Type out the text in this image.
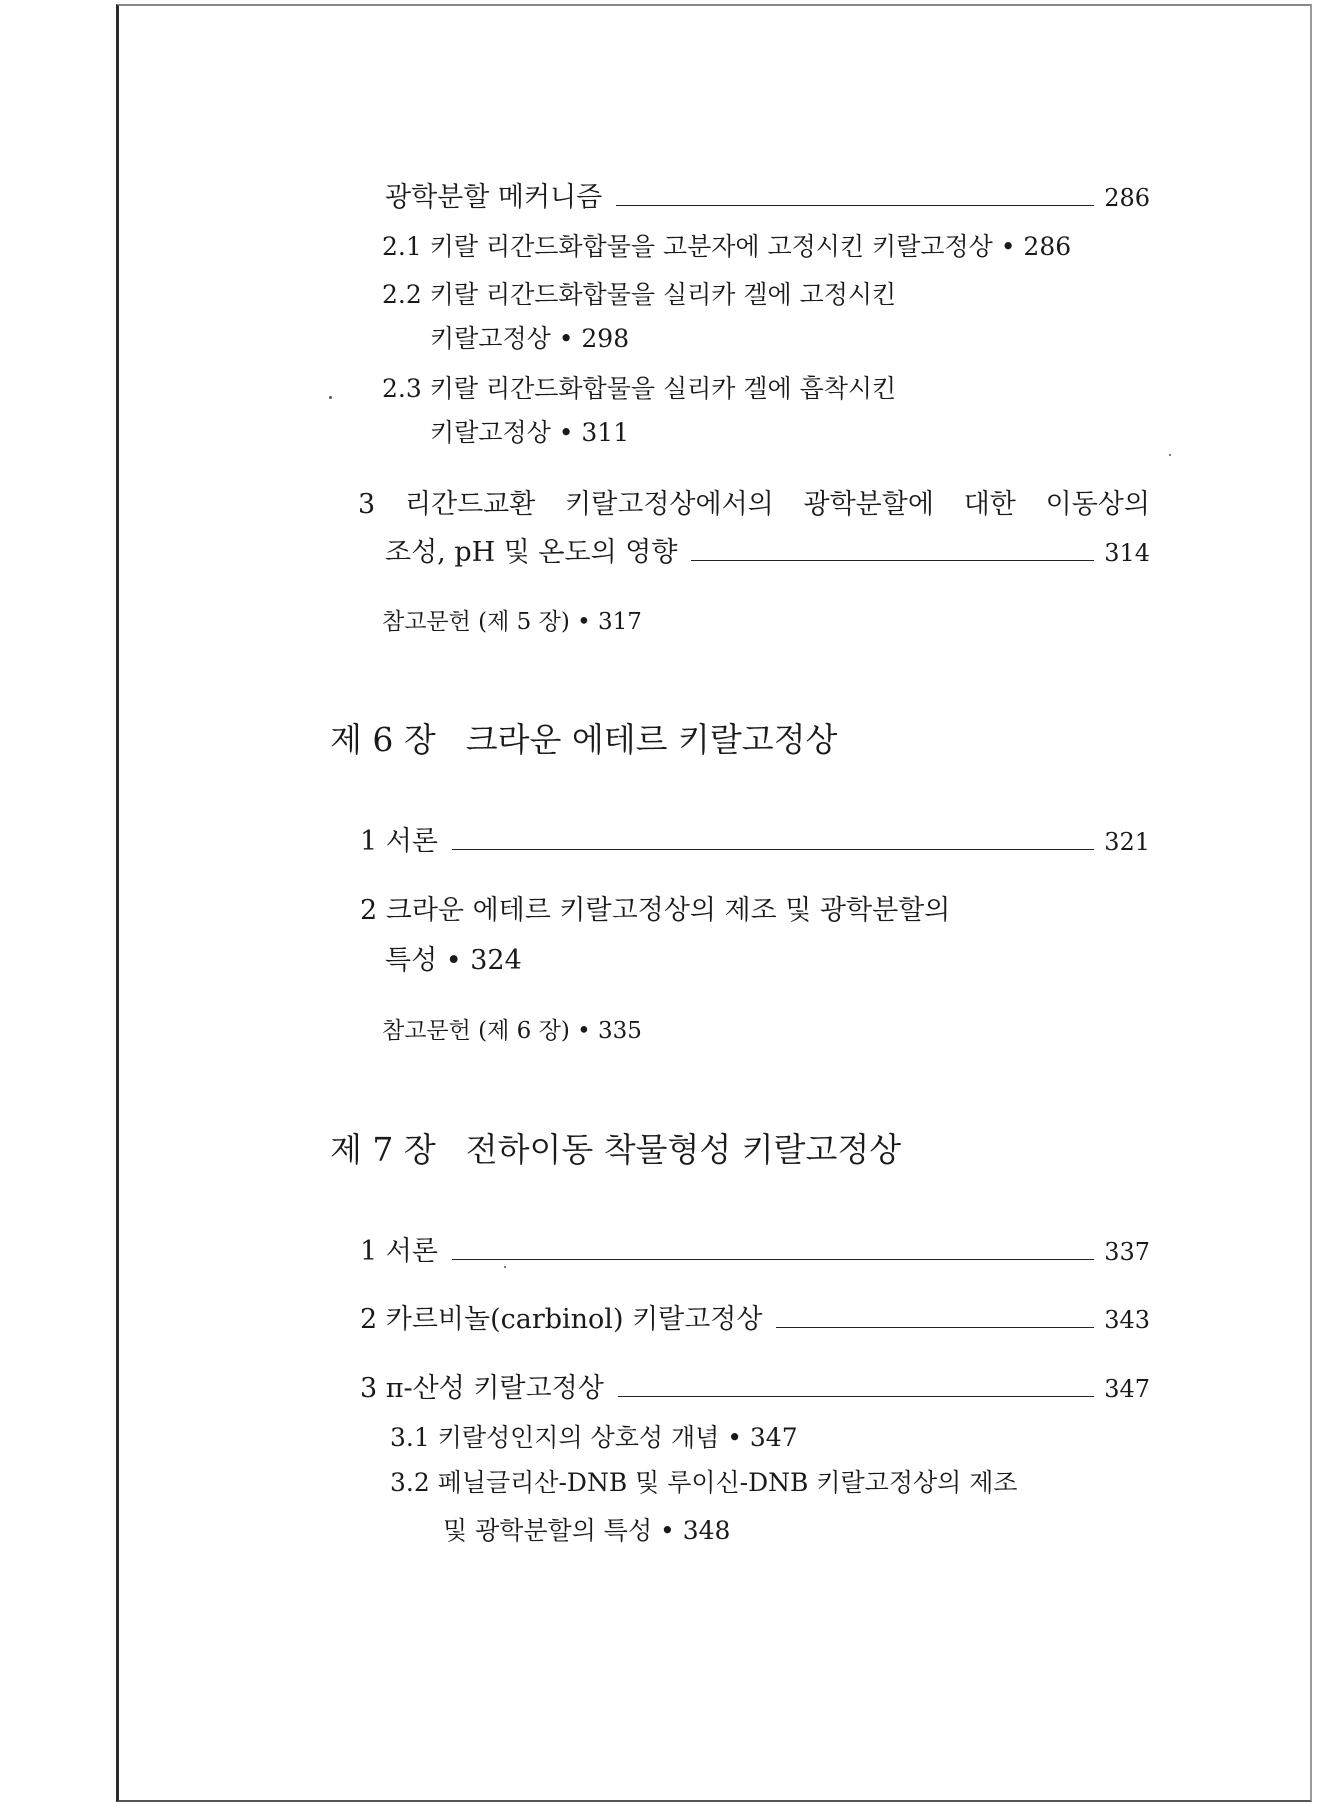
광학분할 메커니즘	286
2.1 키랄 리간드화합물을 고분자에 고정시킨 키랄고정상 • 286
2.2 키랄 리간드화합물을 실리카 겔에 고정시킨
키랄고정상 • 298
2.3 키랄 리간드화합물을 실리카 겔에 흡착시킨
키랄고정상 • 311
3 리간드교환 키랄고정상에서의 광학분할에 대한 이동상의
조성, pH 및 온도의 영향	314
참고문헌 (제 5 장) • 317
제 6 장 크라운 에테르 키랄고정상
1 서론	321
2 크라운 에테르 키랄고정상의 제조 및 광학분할의
특성 • 324
참고문헌 (제 6 장) • 335
제 7 장 전하이동 착물형성 키랄고정상
1 서론	337
2 카르비놀(carbinol) 키랄고정상	343
3 π-산성 키랄고정상	347
3.1 키랄성인지의 상호성 개념 • 347
3.2 페닐글리산-DNB 및 루이신-DNB 키랄고정상의 제조
및 광학분할의 특성 • 348
